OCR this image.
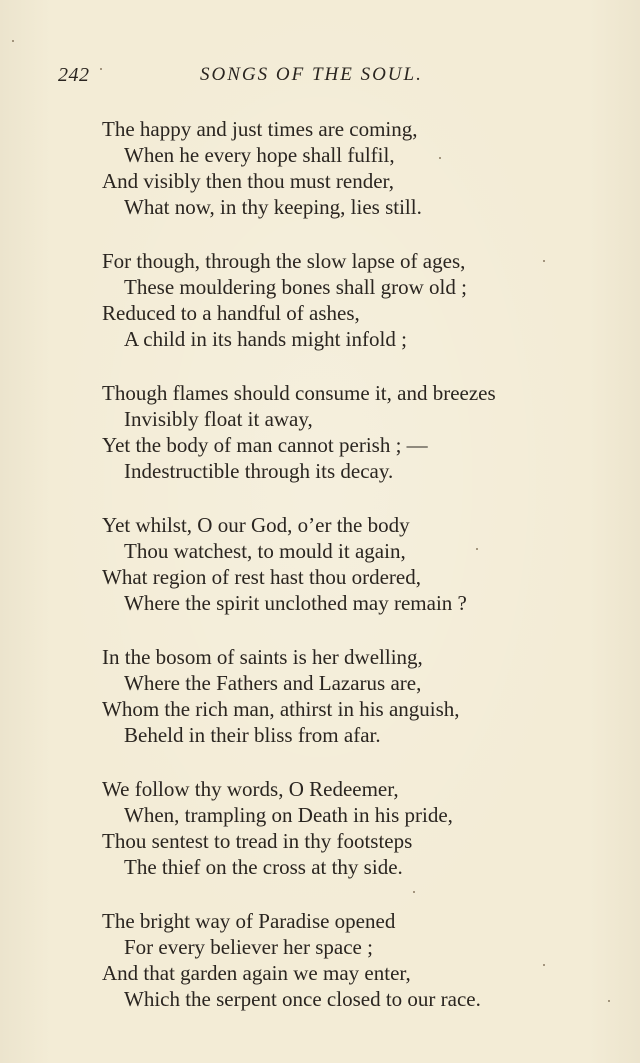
242	SONGS OF THE SOUL.
The happy and just times are coming,
When he every hope shall fulfil,
And visibly then thou must render,
What now, in thy keeping, lies still.
For though, through the slow lapse of ages,
These mouldering bones shall grow old ;
Reduced to a handful of ashes,
A child in its hands might infold ;
Though flames should consume it, and breezes
Invisibly float it away,
Yet the body of man cannot perish ; —
Indestructible through its decay.
Yet whilst, O our God, o’er the body
Thou watchest, to mould it again,
What region of rest hast thou ordered,
Where the spirit unclothed may remain ?
In the bosom of saints is her dwelling,
Where the Fathers and Lazarus are,
Whom the rich man, athirst in his anguish,
Beheld in their bliss from afar.
We follow thy words, O Redeemer,
When, trampling on Death in his pride,
Thou sentest to tread in thy footsteps
The thief on the cross at thy side.
The bright way of Paradise opened
For every believer her space ;
And that garden again we may enter,
Which the serpent once closed to our race.
